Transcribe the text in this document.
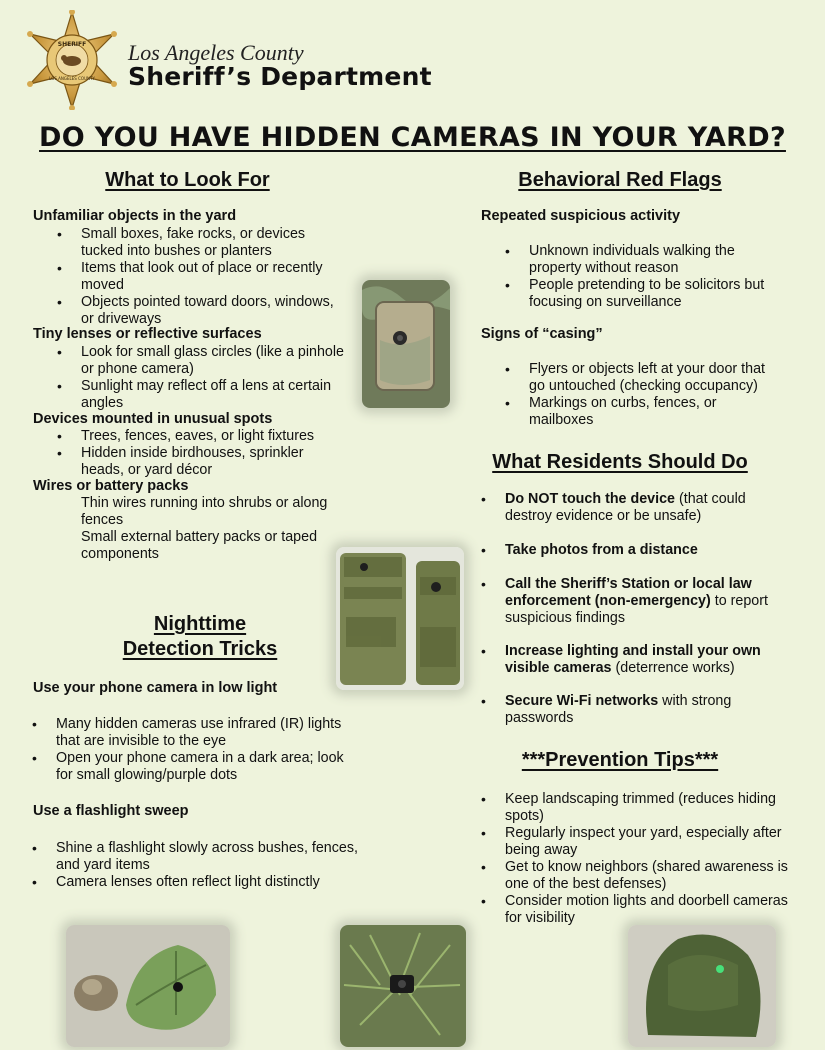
SHERIFF
LOS ANGELES COUNTY
Los Angeles County
Sheriff’s Department
DO YOU HAVE HIDDEN CAMERAS IN YOUR YARD?
What to Look For
Unfamiliar objects in the yard
• Small boxes, fake rocks, or devices tucked into bushes or planters
• Items that look out of place or recently moved
• Objects pointed toward doors, windows, or driveways
Tiny lenses or reflective surfaces
• Look for small glass circles (like a pinhole or phone camera)
• Sunlight may reflect off a lens at certain angles
Devices mounted in unusual spots
• Trees, fences, eaves, or light fixtures
• Hidden inside birdhouses, sprinkler heads, or yard décor
Wires or battery packs
• Thin wires running into shrubs or along fences
• Small external battery packs or taped components
Nighttime
Detection Tricks
Use your phone camera in low light
• Many hidden cameras use infrared (IR) lights that are invisible to the eye
• Open your phone camera in a dark area; look for small glowing/purple dots
Use a flashlight sweep
• Shine a flashlight slowly across bushes, fences, and yard items
• Camera lenses often reflect light distinctly
Behavioral Red Flags
Repeated suspicious activity
• Unknown individuals walking the property without reason
• People pretending to be solicitors but focusing on surveillance
Signs of “casing”
• Flyers or objects left at your door that go untouched (checking occupancy)
• Markings on curbs, fences, or mailboxes
What Residents Should Do
• Do NOT touch the device (that could destroy evidence or be unsafe)
• Take photos from a distance
• Call the Sheriff’s Station or local law enforcement (non-emergency) to report suspicious findings
• Increase lighting and install your own visible cameras (deterrence works)
• Secure Wi-Fi networks with strong passwords
***Prevention Tips***
• Keep landscaping trimmed (reduces hiding spots)
• Regularly inspect your yard, especially after being away
• Get to know neighbors (shared awareness is one of the best defenses)
• Consider motion lights and doorbell cameras for visibility
